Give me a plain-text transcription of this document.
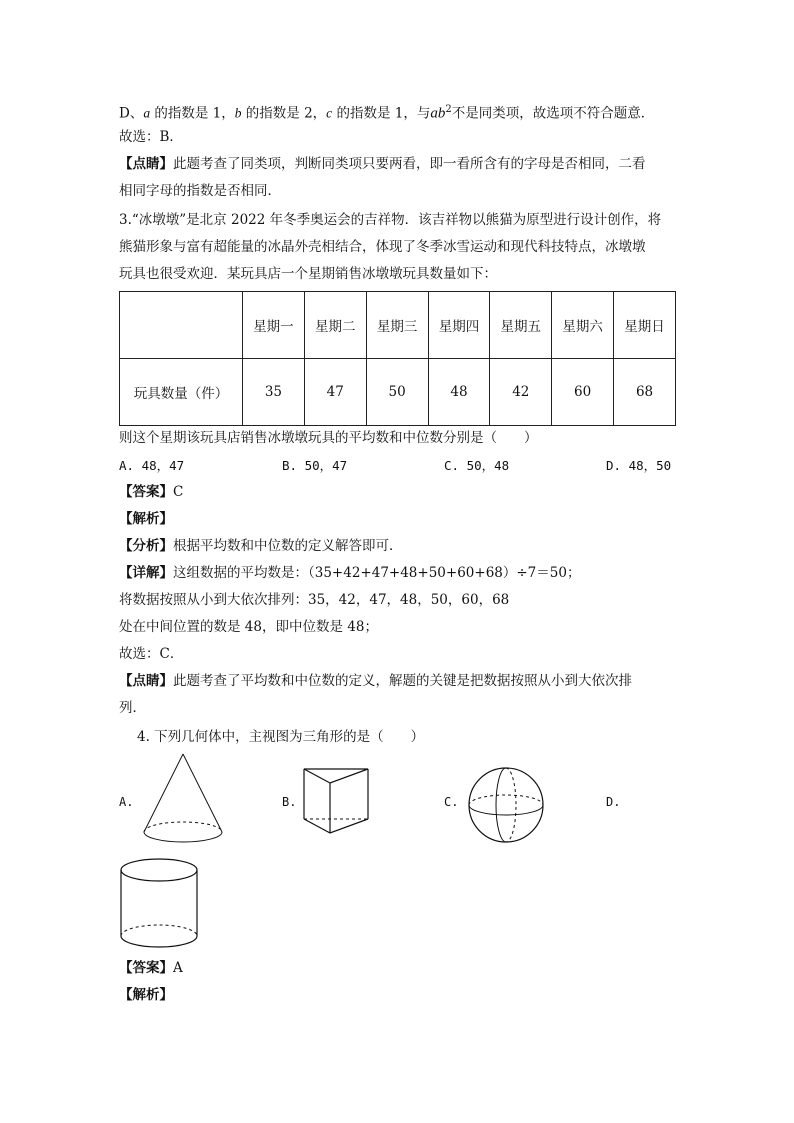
D、a 的指数是 1，b 的指数是 2，c 的指数是 1，与$ab^2$不是同类项，故选项不符合题意．
故选：B．
【点睛】此题考查了同类项，判断同类项只要两看，即一看所含有的字母是否相同，二看
相同字母的指数是否相同．
3.“冰墩墩”是北京 2022 年冬季奥运会的吉祥物．该吉祥物以熊猫为原型进行设计创作，将
熊猫形象与富有超能量的冰晶外壳相结合，体现了冬季冰雪运动和现代科技特点，冰墩墩
玩具也很受欢迎．某玩具店一个星期销售冰墩墩玩具数量如下：
	星期一	星期二	星期三	星期四	星期五	星期六	星期日
玩具数量（件）	35	47	50	48	42	60	68
则这个星期该玩具店销售冰墩墩玩具的平均数和中位数分别是（　　）
A. 48，47	B. 50，47	C. 50，48	D. 48，50
【答案】C
【解析】
【分析】根据平均数和中位数的定义解答即可．
【详解】这组数据的平均数是：（35+42+47+48+50+60+68）÷7＝50；
将数据按照从小到大依次排列：35，42，47，48，50，60，68
处在中间位置的数是 48，即中位数是 48；
故选：C．
【点睛】此题考查了平均数和中位数的定义，解题的关键是把数据按照从小到大依次排
列．
4. 下列几何体中，主视图为三角形的是（　　）
A.	B.	C.	D.
【答案】A
【解析】
